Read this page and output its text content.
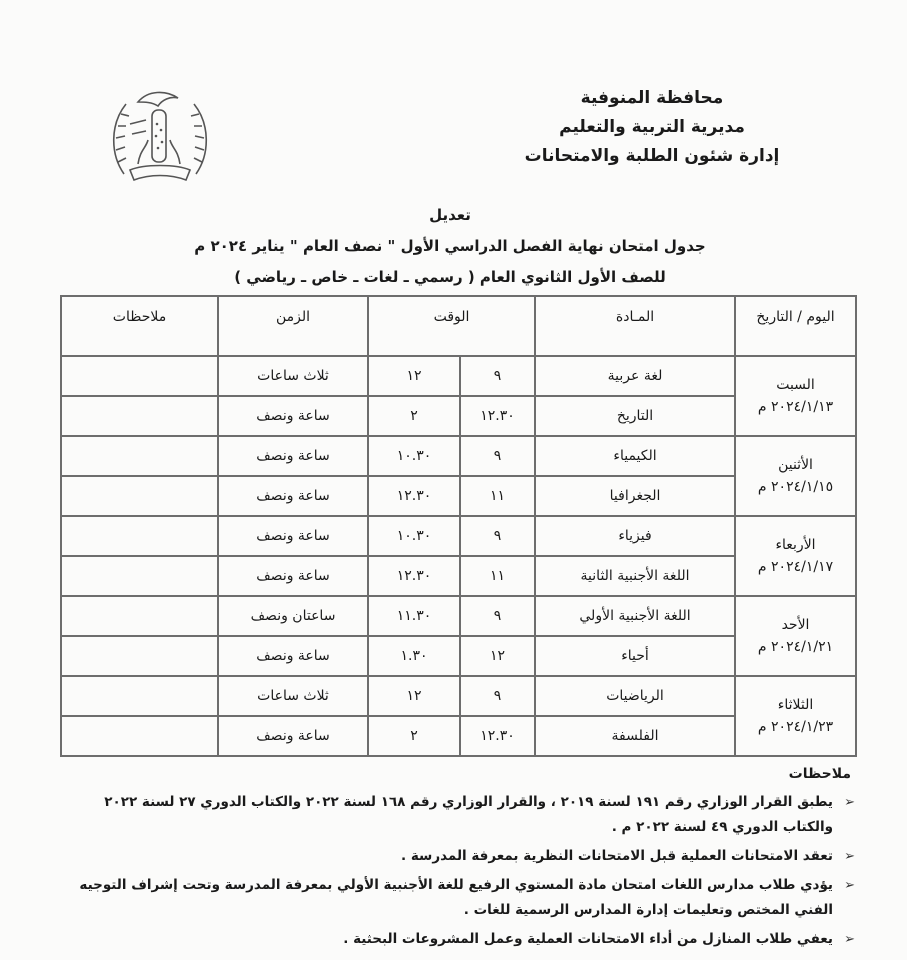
محافظة المنوفية
مديرية التربية والتعليم
إدارة شئون الطلبة والامتحانات
تعديل
جدول امتحان نهاية الفصل الدراسي الأول " نصف العام " يناير ٢٠٢٤ م
للصف الأول الثانوي العام ( رسمي ـ لغات ـ خاص ـ رياضي )
اليوم / التاريخ	المـادة	الوقت		الزمن	ملاحظات

السبت
٢٠٢٤/١/١٣ م	لغة عربية	٩	١٢	ثلاث ساعات	
	التاريخ	١٢.٣٠	٢	ساعة ونصف	

الأثنين
٢٠٢٤/١/١٥ م	الكيمياء	٩	١٠.٣٠	ساعة ونصف	
	الجغرافيا	١١	١٢.٣٠	ساعة ونصف	

الأربعاء
٢٠٢٤/١/١٧ م	فيزياء	٩	١٠.٣٠	ساعة ونصف	
	اللغة الأجنبية الثانية	١١	١٢.٣٠	ساعة ونصف	

الأحد
٢٠٢٤/١/٢١ م	اللغة الأجنبية الأولي	٩	١١.٣٠	ساعتان ونصف	
	أحياء	١٢	١.٣٠	ساعة ونصف	

الثلاثاء
٢٠٢٤/١/٢٣ م	الرياضيات	٩	١٢	ثلاث ساعات	
	الفلسفة	١٢.٣٠	٢	ساعة ونصف	
ملاحظات
➢
يطبق القرار الوزاري رقم ١٩١ لسنة ٢٠١٩ ، والقرار الوزاري رقم ١٦٨ لسنة ٢٠٢٢ والكتاب الدوري ٢٧ لسنة ٢٠٢٢ والكتاب الدوري ٤٩ لسنة ٢٠٢٢ م .
➢
تعقد الامتحانات العملية قبل الامتحانات النظرية بمعرفة المدرسة .
➢
يؤدي طلاب مدارس اللغات امتحان مادة المستوي الرفيع للغة الأجنبية الأولي بمعرفة المدرسة وتحت إشراف التوجيه الفني المختص وتعليمات إدارة المدارس الرسمية للغات .
➢
يعفي طلاب المنازل من أداء الامتحانات العملية وعمل المشروعات البحثية .
